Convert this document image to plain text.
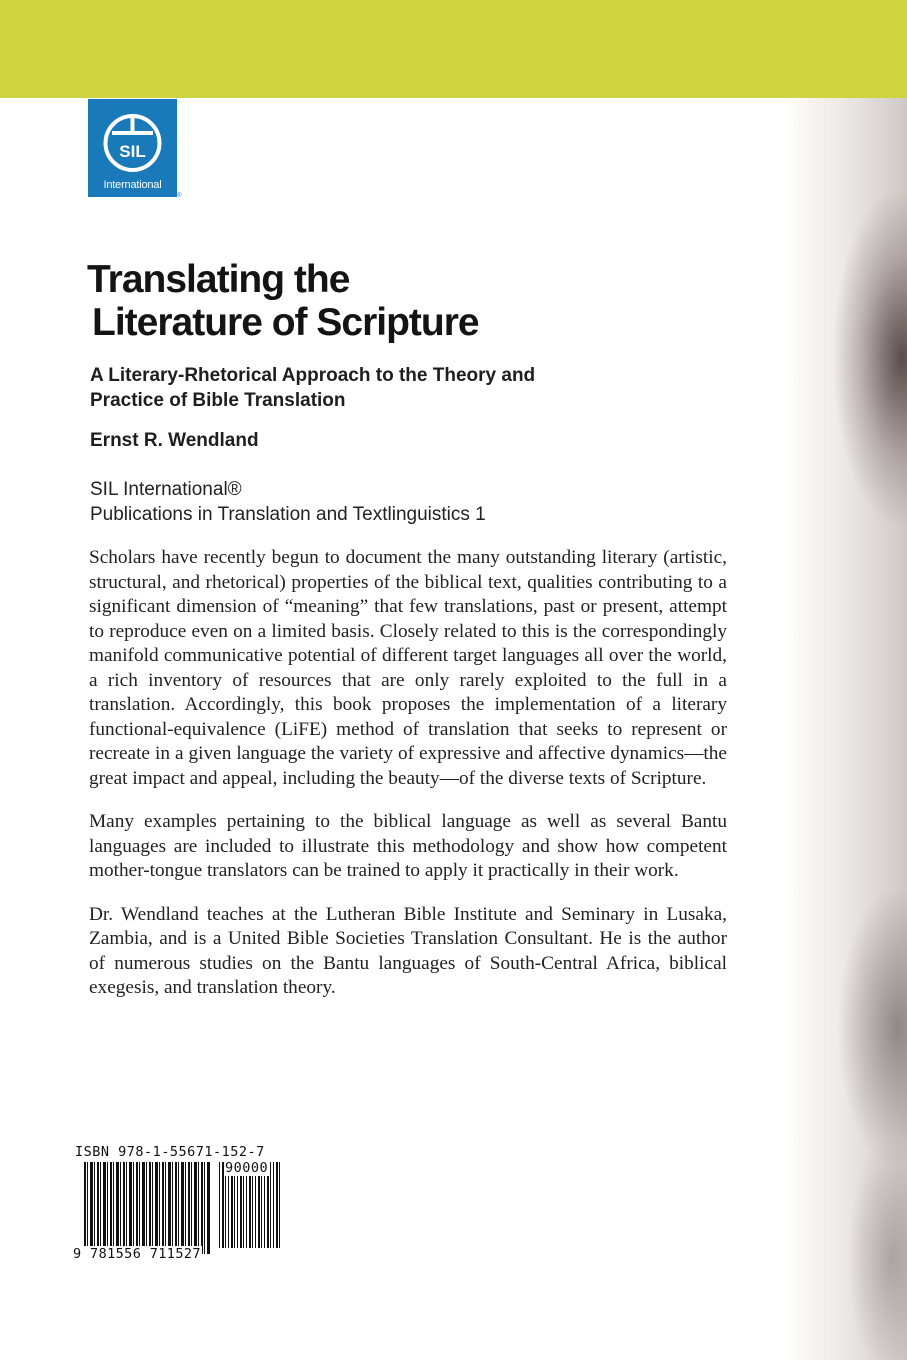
SIL
International
®
Translating the
Literature of Scripture
A Literary-Rhetorical Approach to the Theory and
Practice of Bible Translation
Ernst R. Wendland
SIL International®
Publications in Translation and Textlinguistics 1

Scholars have recently begun to document the many outstanding literary (artistic, structural, and rhetorical) properties of the biblical text, qualities contributing to a significant dimension of “meaning” that few translations, past or present, attempt to reproduce even on a limited basis. Closely related to this is the correspondingly manifold communicative potential of different target languages all over the world, a rich inventory of resources that are only rarely exploited to the full in a translation. Accordingly, this book proposes the implementation of a literary functional-equivalence (LiFE) method of translation that seeks to represent or recreate in a given language the variety of expressive and affective dynamics—the great impact and appeal, including the beauty—of the diverse texts of Scripture.

Many examples pertaining to the biblical language as well as several Bantu languages are included to illustrate this methodology and show how competent mother-tongue translators can be trained to apply it practically in their work.

Dr. Wendland teaches at the Lutheran Bible Institute and Seminary in Lusaka, Zambia, and is a United Bible Societies Translation Consultant. He is the author of numerous studies on the Bantu languages of South-Central Africa, biblical exegesis, and translation theory.

ISBN 978-1-55671-152-7
90000
9 781556 711527
